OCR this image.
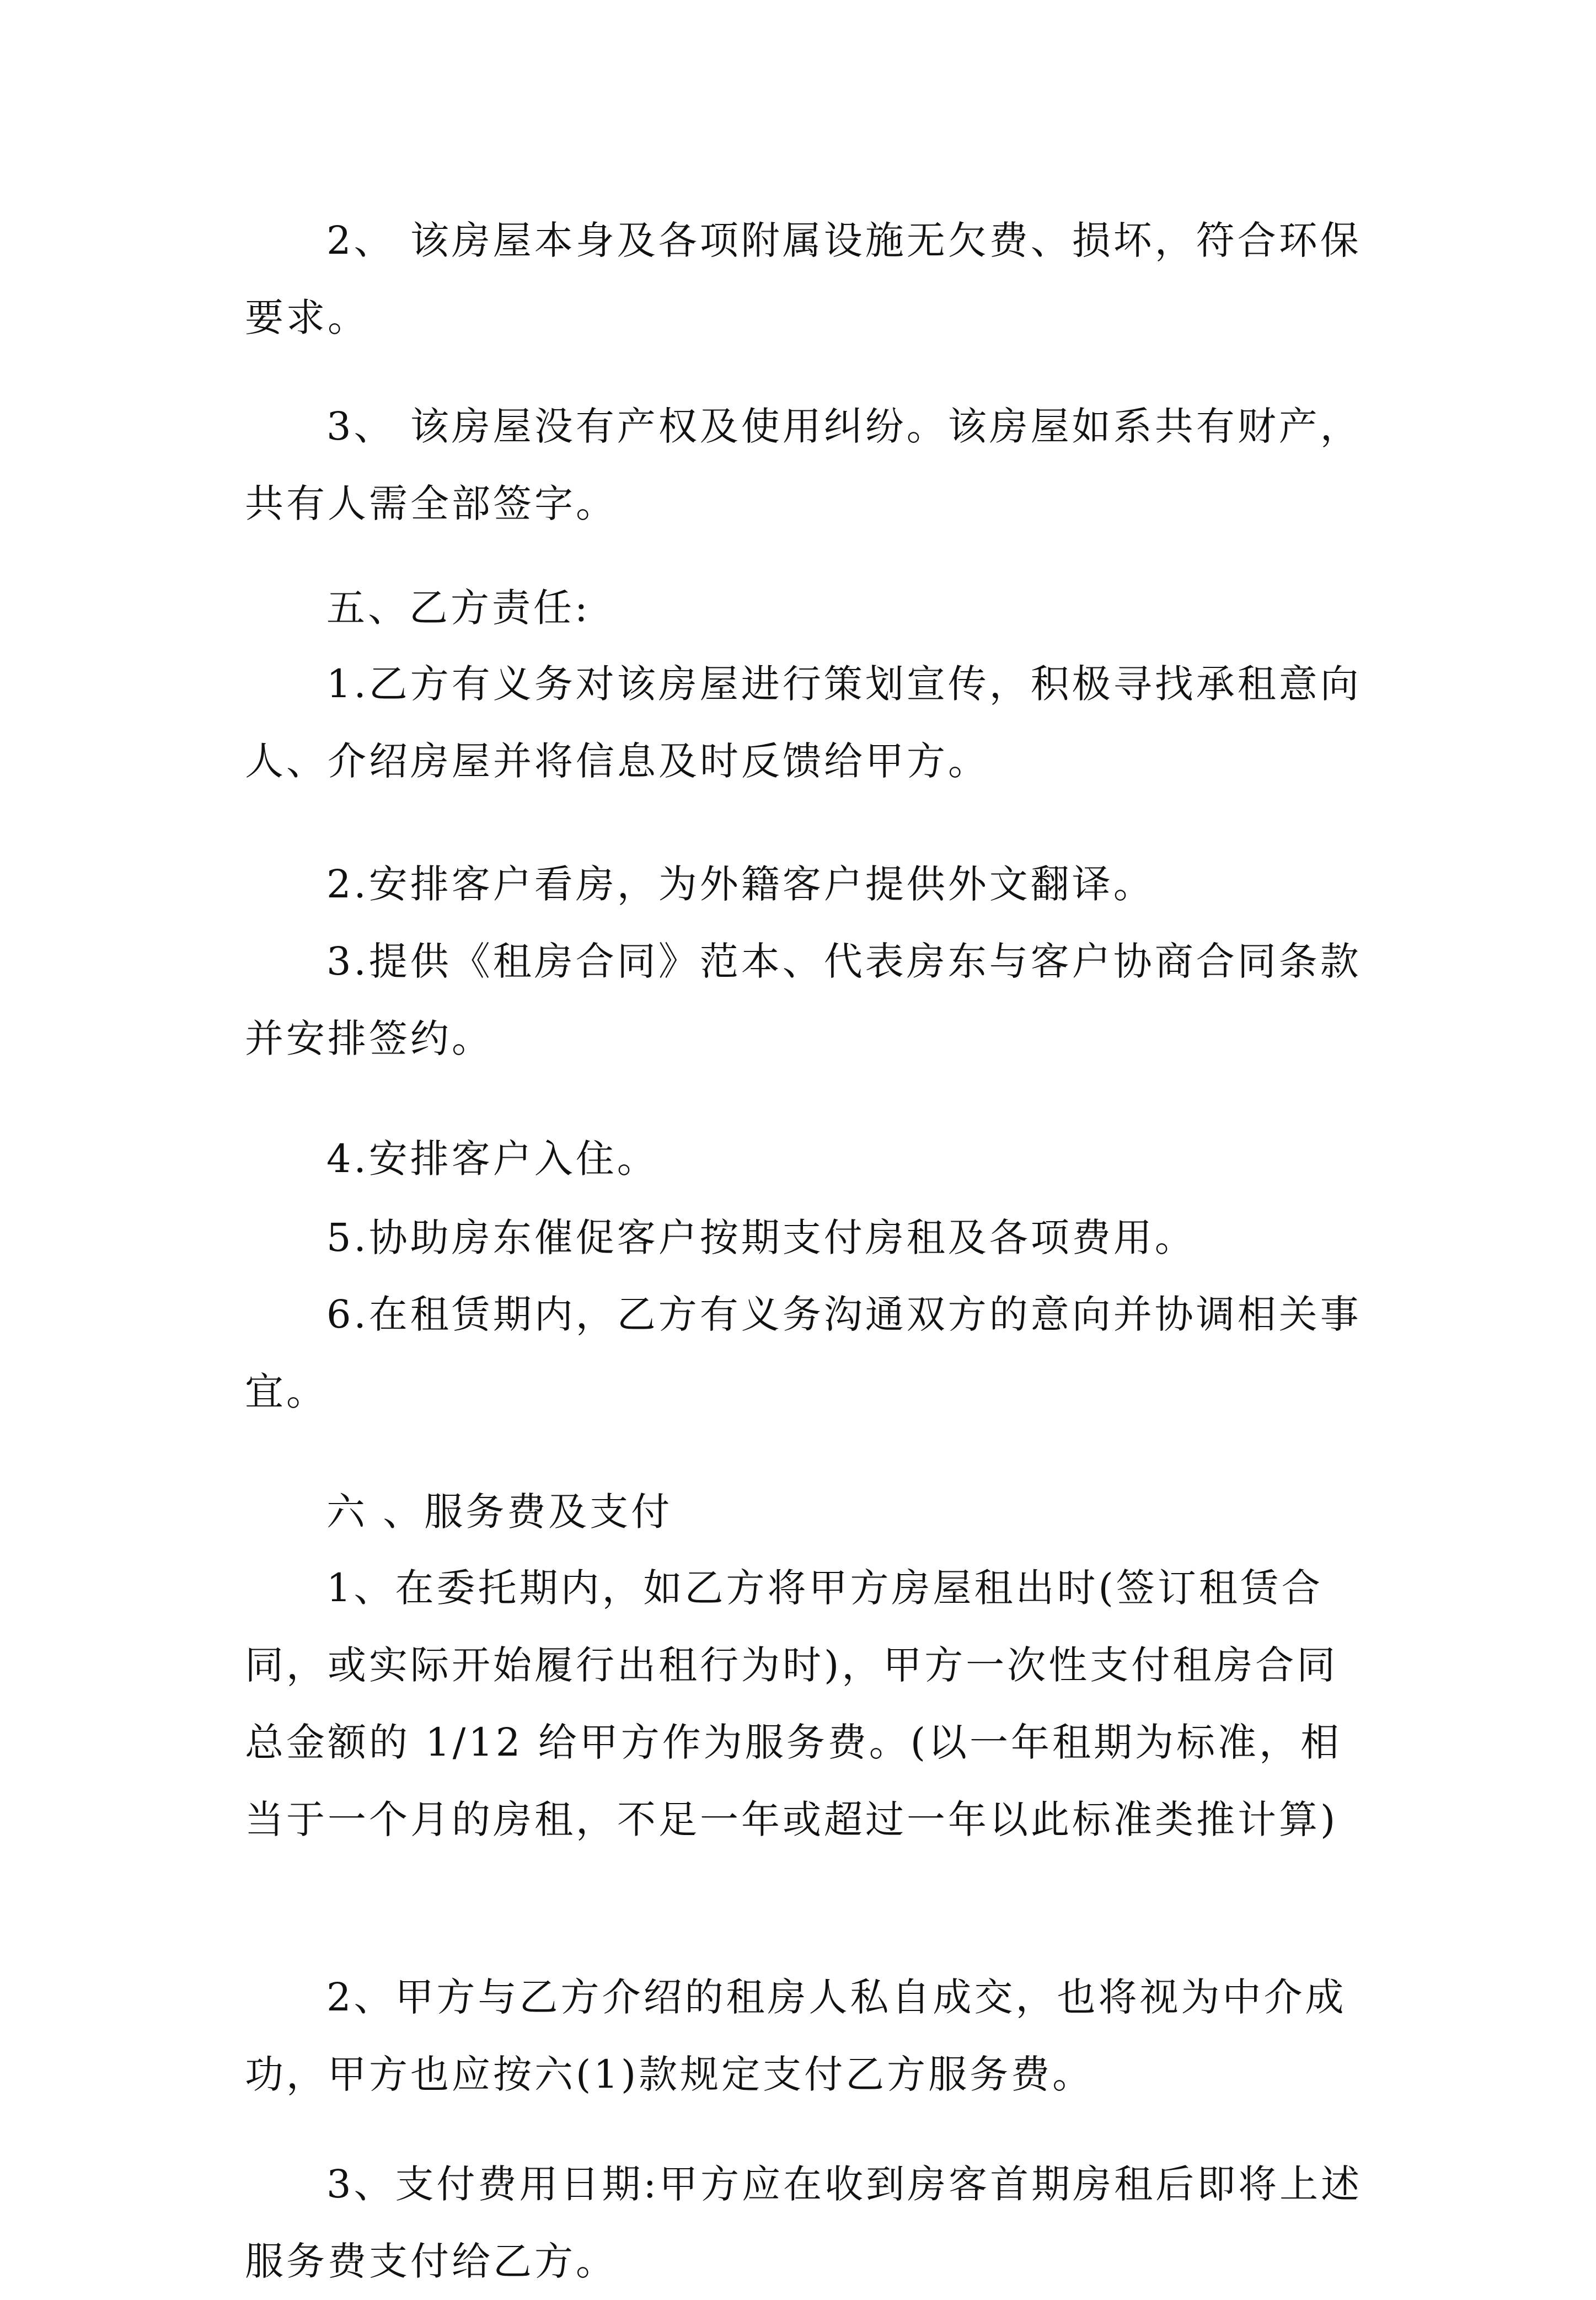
2、 该房屋本身及各项附属设施无欠费、损坏，符合环保要求。

3、 该房屋没有产权及使用纠纷。该房屋如系共有财产，共有人需全部签字。

五、乙方责任:

1.乙方有义务对该房屋进行策划宣传，积极寻找承租意向人、介绍房屋并将信息及时反馈给甲方。

2.安排客户看房，为外籍客户提供外文翻译。

3.提供《租房合同》范本、代表房东与客户协商合同条款并安排签约。

4.安排客户入住。

5.协助房东催促客户按期支付房租及各项费用。

6.在租赁期内，乙方有义务沟通双方的意向并协调相关事宜。

六 、服务费及支付

1、在委托期内，如乙方将甲方房屋租出时(签订租赁合同，或实际开始履行出租行为时)，甲方一次性支付租房合同总金额的 1/12 给甲方作为服务费。(以一年租期为标准，相当于一个月的房租，不足一年或超过一年以此标准类推计算)

2、甲方与乙方介绍的租房人私自成交，也将视为中介成功，甲方也应按六(1)款规定支付乙方服务费。

3、支付费用日期:甲方应在收到房客首期房租后即将上述服务费支付给乙方。
